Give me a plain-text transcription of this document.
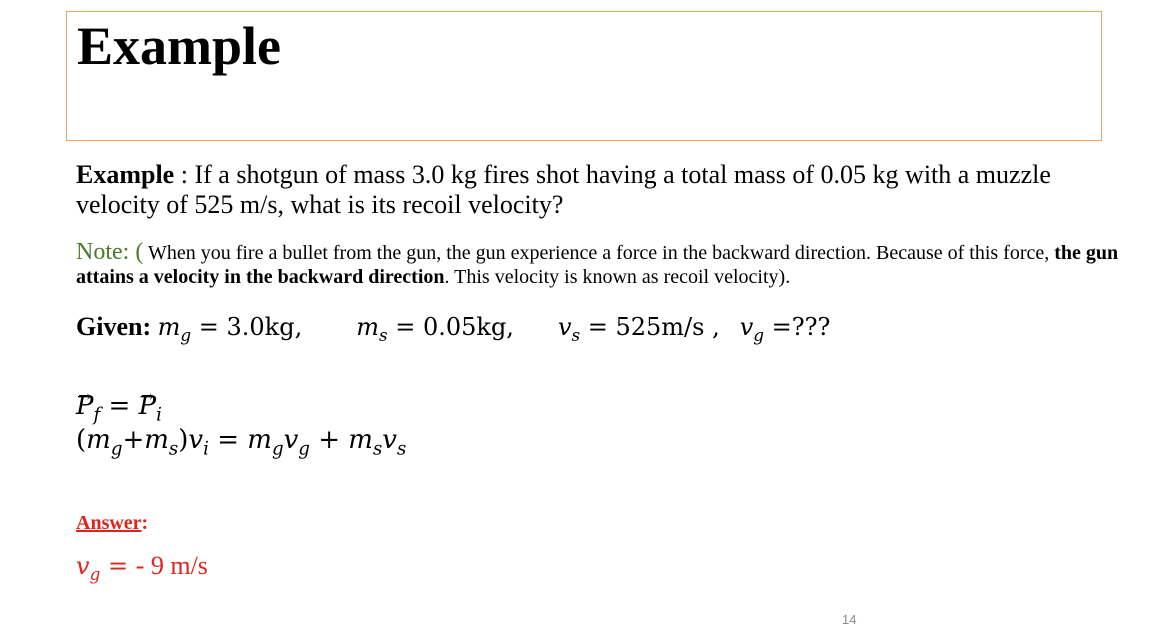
Example

Example : If a shotgun of mass 3.0 kg fires shot having a total mass of 0.05 kg with a muzzle velocity of 525 m/s, what is its recoil velocity?

Note: ( When you fire a bullet from the gun, the gun experience a force in the backward direction. Because of this force, the gun attains a velocity in the backward direction. This velocity is known as recoil velocity).

Given: $m_g = 3.0kg$, $m_s = 0.05kg$, $v_s = 525m/s$ , $v_g$ =???

→ $P_f$ = → $P_i$

$(m_g+m_s)v_i = m_gv_g + m_sv_s$

Answer:

$v_g$ = - 9 m/s

14
